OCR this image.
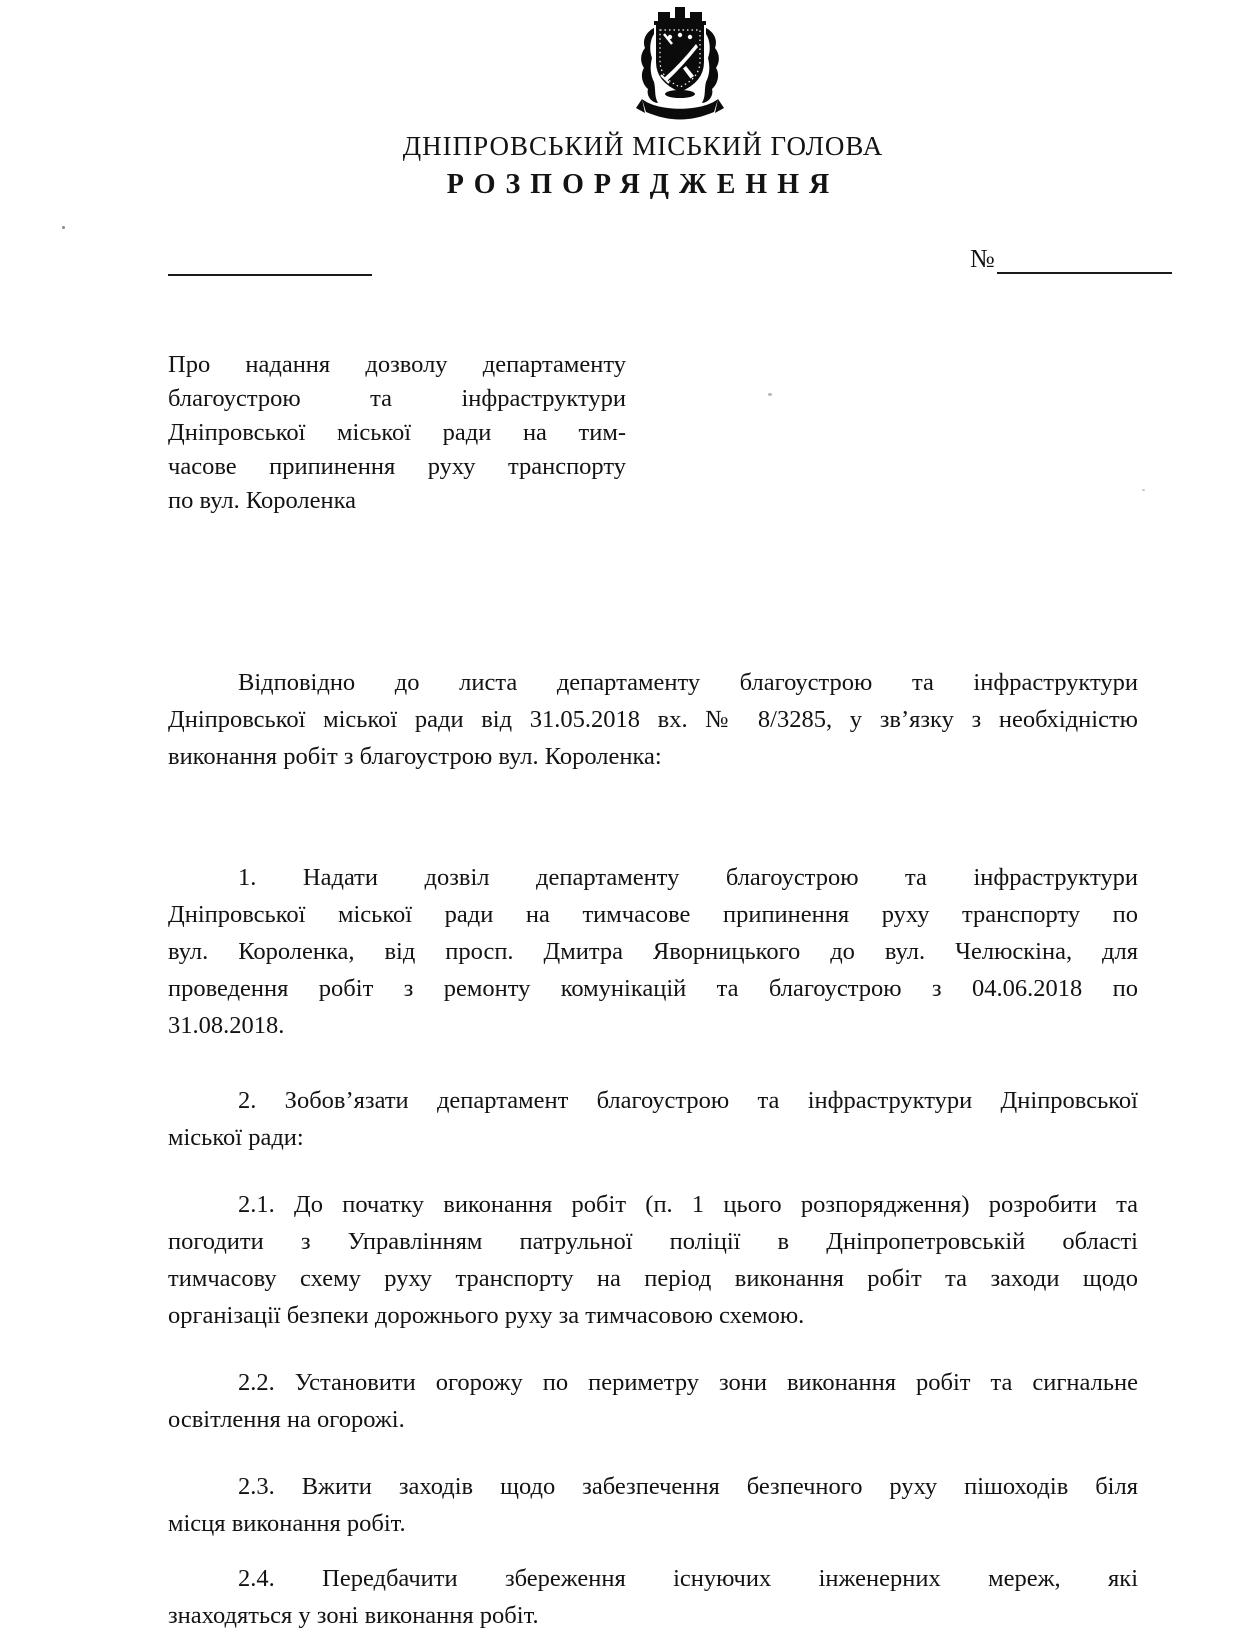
ДНІПРОВСЬКИЙ МІСЬКИЙ ГОЛОВА
РОЗПОРЯДЖЕННЯ
№
Про надання дозволу департаменту
благоустрою та інфраструктури
Дніпровської міської ради на тим-
часове припинення руху транспорту
по вул. Короленка
Відповідно до листа департаменту благоустрою та інфраструктури
Дніпровської міської ради від 31.05.2018 вх. № 8/3285, у зв’язку з необхідністю
виконання робіт з благоустрою вул. Короленка:
1. Надати дозвіл департаменту благоустрою та інфраструктури
Дніпровської міської ради на тимчасове припинення руху транспорту по
вул. Короленка, від просп. Дмитра Яворницького до вул. Челюскіна, для
проведення робіт з ремонту комунікацій та благоустрою з 04.06.2018 по
31.08.2018.
2. Зобов’язати департамент благоустрою та інфраструктури Дніпровської
міської ради:
2.1. До початку виконання робіт (п. 1 цього розпорядження) розробити та
погодити з Управлінням патрульної поліції в Дніпропетровській області
тимчасову схему руху транспорту на період виконання робіт та заходи щодо
організації безпеки дорожнього руху за тимчасовою схемою.
2.2. Установити огорожу по периметру зони виконання робіт та сигнальне
освітлення на огорожі.
2.3. Вжити заходів щодо забезпечення безпечного руху пішоходів біля
місця виконання робіт.
2.4. Передбачити збереження існуючих інженерних мереж, які
знаходяться у зоні виконання робіт.
